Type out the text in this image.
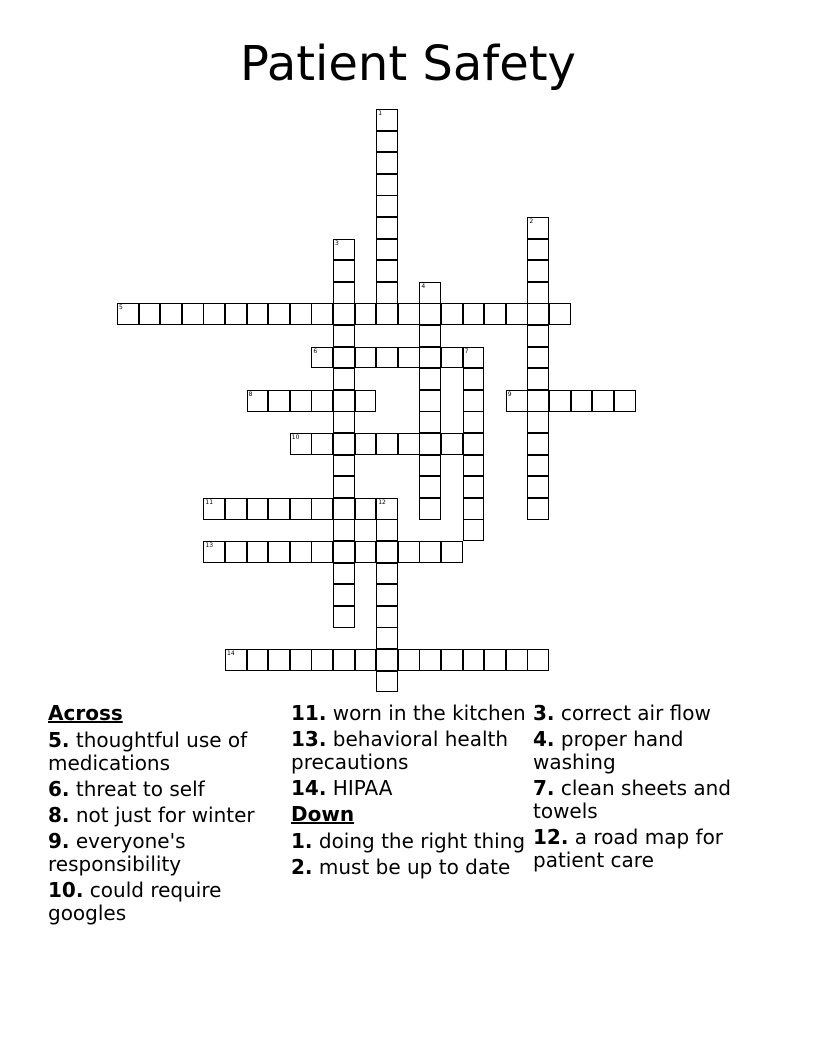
Patient Safety
5
6	7
8	9
10
11
13
14
1
2
3
4
12
Across
5. thoughtful use of medications
6. threat to self
8. not just for winter
9. everyone's responsibility
10. could require googles
11. worn in the kitchen
13. behavioral health precautions
14. HIPAA
Down
1. doing the right thing
2. must be up to date
3. correct air flow
4. proper hand washing
7. clean sheets and towels
12. a road map for patient care
